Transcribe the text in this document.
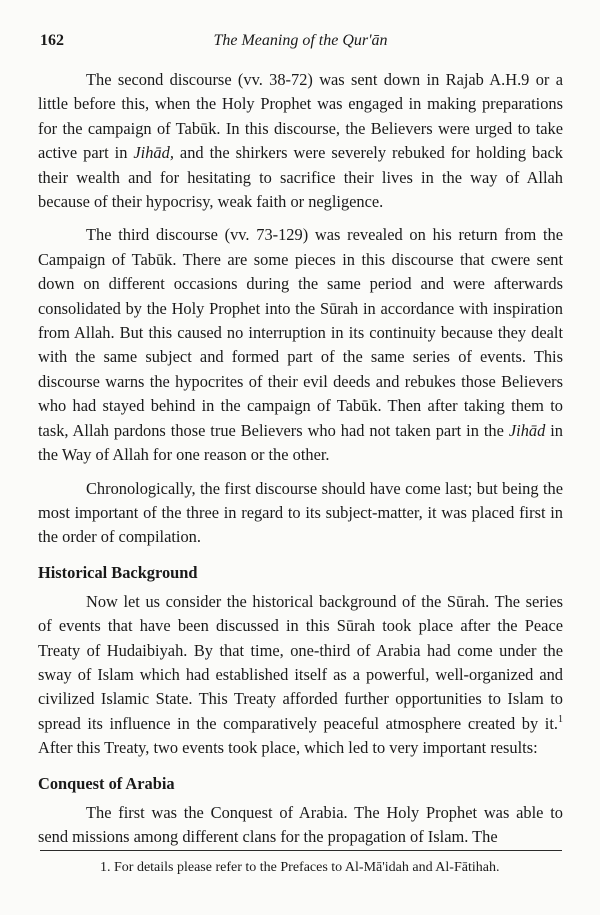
162	The Meaning of the Qur'ān

The second discourse (vv. 38-72) was sent down in Rajab A.H.9 or a little before this, when the Holy Prophet was engaged in making preparations for the campaign of Tabūk. In this discourse, the Believers were urged to take active part in Jihād, and the shirkers were severely rebuked for holding back their wealth and for hesitating to sacrifice their lives in the way of Allah because of their hypocrisy, weak faith or negligence.

The third discourse (vv. 73-129) was revealed on his return from the Campaign of Tabūk. There are some pieces in this discourse that cwere sent down on different occasions during the same period and were afterwards consolidated by the Holy Prophet into the Sūrah in accordance with inspiration from Allah. But this caused no interruption in its continuity because they dealt with the same subject and formed part of the same series of events. This discourse warns the hypocrites of their evil deeds and rebukes those Believers who had stayed behind in the campaign of Tabūk. Then after taking them to task, Allah pardons those true Believers who had not taken part in the Jihād in the Way of Allah for one reason or the other.

Chronologically, the first discourse should have come last; but being the most important of the three in regard to its subject-matter, it was placed first in the order of compilation.

Historical Background

Now let us consider the historical background of the Sūrah. The series of events that have been discussed in this Sūrah took place after the Peace Treaty of Hudaibiyah. By that time, one-third of Arabia had come under the sway of Islam which had established itself as a powerful, well-organized and civilized Islamic State. This Treaty afforded further opportunities to Islam to spread its influence in the comparatively peaceful atmosphere created by it.$^1$ After this Treaty, two events took place, which led to very important results:

Conquest of Arabia

The first was the Conquest of Arabia. The Holy Prophet was able to send missions among different clans for the propagation of Islam. The

1. For details please refer to the Prefaces to Al-Mā'idah and Al-Fātihah.
